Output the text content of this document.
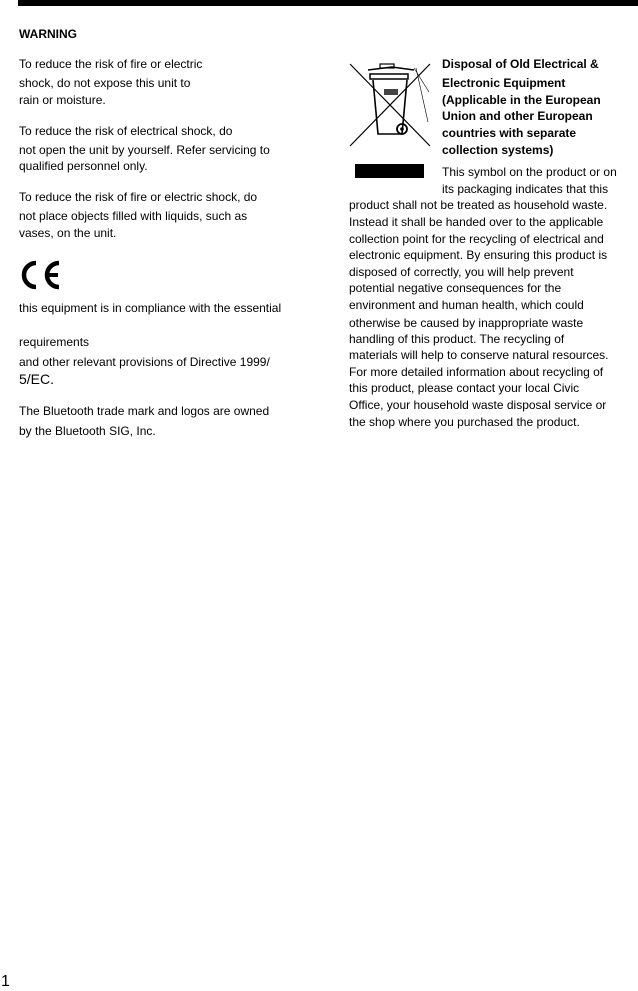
WARNING
To reduce the risk of fire or electric
shock, do not expose this unit to
rain or moisture.
To reduce the risk of electrical shock, do
not open the unit by yourself. Refer servicing to
qualified personnel only.
To reduce the risk of fire or electric shock, do
not place objects filled with liquids, such as
vases, on the unit.
this equipment is in compliance with the essential
requirements
and other relevant provisions of Directive 1999/
5/EC.
The Bluetooth trade mark and logos are owned
by the Bluetooth SIG, Inc.
Disposal of Old Electrical &
Electronic Equipment
(Applicable in the European
Union and other European
countries with separate
collection systems)
This symbol on the product or on
its packaging indicates that this
product shall not be treated as household waste.
Instead it shall be handed over to the applicable
collection point for the recycling of electrical and
electronic equipment. By ensuring this product is
disposed of correctly, you will help prevent
potential negative consequences for the
environment and human health, which could
otherwise be caused by inappropriate waste
handling of this product. The recycling of
materials will help to conserve natural resources.
For more detailed information about recycling of
this product, please contact your local Civic
Office, your household waste disposal service or
the shop where you purchased the product.
1
